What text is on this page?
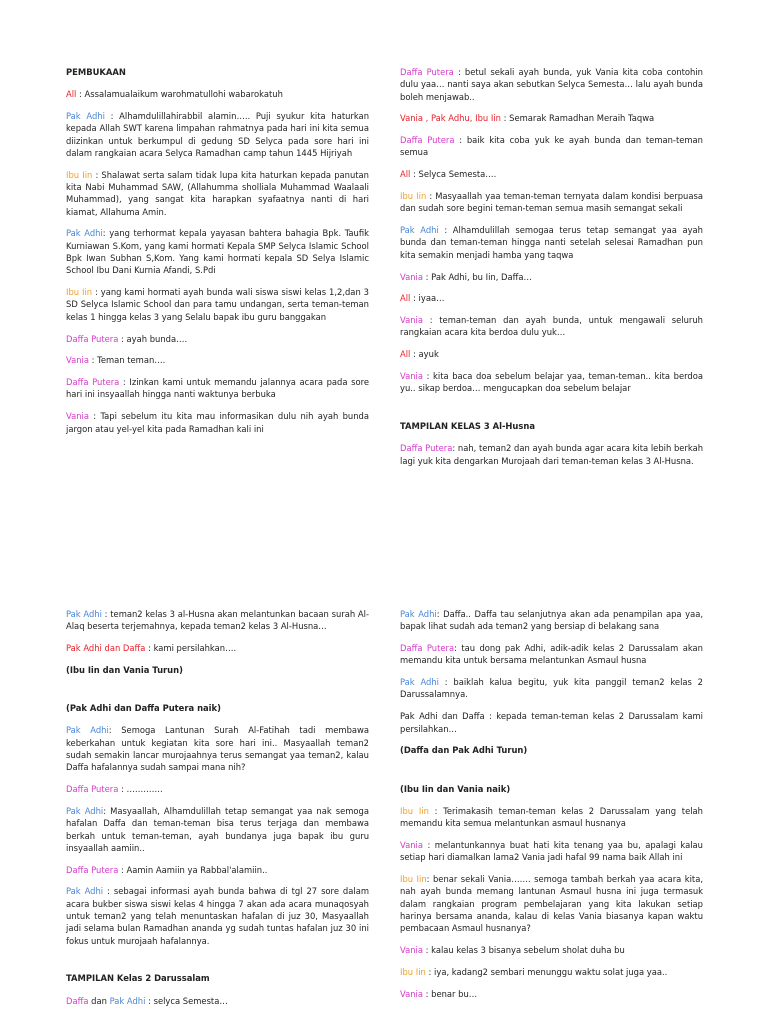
PEMBUKAAN
All : Assalamualaikum warohmatullohi wabarokatuh
Pak Adhi : Alhamdulillahirabbil alamin….. Puji syukur kita haturkan kepada Allah SWT karena limpahan rahmatnya pada hari ini kita semua diizinkan untuk berkumpul di gedung SD Selyca pada sore hari ini dalam rangkaian acara Selyca Ramadhan camp tahun 1445 Hijriyah
Ibu Iin : Shalawat serta salam tidak lupa kita haturkan kepada panutan kita Nabi Muhammad SAW, (Allahumma sholliala Muhammad Waalaali Muhammad), yang sangat kita harapkan syafaatnya nanti di hari kiamat, Allahuma Amin.
Pak Adhi: yang terhormat kepala yayasan bahtera bahagia Bpk. Taufik Kurniawan S.Kom, yang kami hormati Kepala SMP Selyca Islamic School Bpk Iwan Subhan S,Kom. Yang kami hormati kepala SD Selya Islamic School Ibu Dani Kurnia Afandi, S.Pdi
Ibu Iin : yang kami hormati ayah bunda wali siswa siswi kelas 1,2,dan 3 SD Selyca Islamic School dan para tamu undangan, serta teman-teman kelas 1 hingga kelas 3 yang Selalu bapak ibu guru banggakan
Daffa Putera : ayah bunda….
Vania : Teman teman….
Daffa Putera : Izinkan kami untuk memandu jalannya acara pada sore hari ini insyaallah hingga nanti waktunya berbuka
Vania : Tapi sebelum itu kita mau informasikan dulu nih ayah bunda jargon atau yel-yel kita pada Ramadhan kali ini
Daffa Putera : betul sekali ayah bunda, yuk Vania kita coba contohin dulu yaa… nanti saya akan sebutkan Selyca Semesta… lalu ayah bunda boleh menjawab..
Vania , Pak Adhu, Ibu Iin : Semarak Ramadhan Meraih Taqwa
Daffa Putera : baik kita coba yuk ke ayah bunda dan teman-teman semua
All : Selyca Semesta….
Ibu Iin : Masyaallah yaa teman-teman ternyata dalam kondisi berpuasa dan sudah sore begini teman-teman semua masih semangat sekali
Pak Adhi : Alhamdulillah semogaa terus tetap semangat yaa ayah bunda dan teman-teman hingga nanti setelah selesai Ramadhan pun kita semakin menjadi hamba yang taqwa
Vania : Pak Adhi, bu Iin, Daffa…
All : iyaa…
Vania : teman-teman dan ayah bunda, untuk mengawali seluruh rangkaian acara kita berdoa dulu yuk…
All : ayuk
Vania : kita baca doa sebelum belajar yaa, teman-teman.. kita berdoa yu.. sikap berdoa… mengucapkan doa sebelum belajar
TAMPILAN KELAS 3 Al-Husna
Daffa Putera: nah, teman2 dan ayah bunda agar acara kita lebih berkah lagi yuk kita dengarkan Murojaah dari teman-teman kelas 3 Al-Husna.
Pak Adhi : teman2 kelas 3 al-Husna akan melantunkan bacaan surah Al-Alaq beserta terjemahnya, kepada teman2 kelas 3 Al-Husna…
Pak Adhi dan Daffa : kami persilahkan….
(Ibu Iin dan Vania Turun)
(Pak Adhi dan Daffa Putera naik)
Pak Adhi: Semoga Lantunan Surah Al-Fatihah tadi membawa keberkahan untuk kegiatan kita sore hari ini.. Masyaallah teman2 sudah semakin lancar murojaahnya terus semangat yaa teman2, kalau Daffa hafalannya sudah sampai mana nih?
Daffa Putera : ………….
Pak Adhi: Masyaallah, Alhamdulillah tetap semangat yaa nak semoga hafalan Daffa dan teman-teman bisa terus terjaga dan membawa berkah untuk teman-teman, ayah bundanya juga bapak ibu guru insyaallah aamiin..
Daffa Putera : Aamin Aamiin ya Rabbal'alamiin..
Pak Adhi : sebagai informasi ayah bunda bahwa di tgl 27 sore dalam acara bukber siswa siswi kelas 4 hingga 7 akan ada acara munaqosyah untuk teman2 yang telah menuntaskan hafalan di juz 30, Masyaallah jadi selama bulan Ramadhan ananda yg sudah tuntas hafalan juz 30 ini fokus untuk murojaah hafalannya.
TAMPILAN Kelas 2 Darussalam
Daffa dan Pak Adhi : selyca Semesta…
Pak Adhi: Daffa.. Daffa tau selanjutnya akan ada penampilan apa yaa, bapak lihat sudah ada teman2 yang bersiap di belakang sana
Daffa Putera: tau dong pak Adhi, adik-adik kelas 2 Darussalam akan memandu kita untuk bersama melantunkan Asmaul husna
Pak Adhi : baiklah kalua begitu, yuk kita panggil teman2 kelas 2 Darussalamnya.
Pak Adhi dan Daffa : kepada teman-teman kelas 2 Darussalam kami persilahkan…
(Daffa dan Pak Adhi Turun)
(Ibu Iin dan Vania naik)
Ibu Iin : Terimakasih teman-teman kelas 2 Darussalam yang telah memandu kita semua melantunkan asmaul husnanya
Vania : melantunkannya buat hati kita tenang yaa bu, apalagi kalau setiap hari diamalkan lama2 Vania jadi hafal 99 nama baik Allah ini
Ibu Iin: benar sekali Vania……. semoga tambah berkah yaa acara kita, nah ayah bunda memang lantunan Asmaul husna ini juga termasuk dalam rangkaian program pembelajaran yang kita lakukan setiap harinya bersama ananda, kalau di kelas Vania biasanya kapan waktu pembacaan Asmaul husnanya?
Vania : kalau kelas 3 bisanya sebelum sholat duha bu
Ibu Iin : iya, kadang2 sembari menunggu waktu solat juga yaa..
Vania : benar bu…
